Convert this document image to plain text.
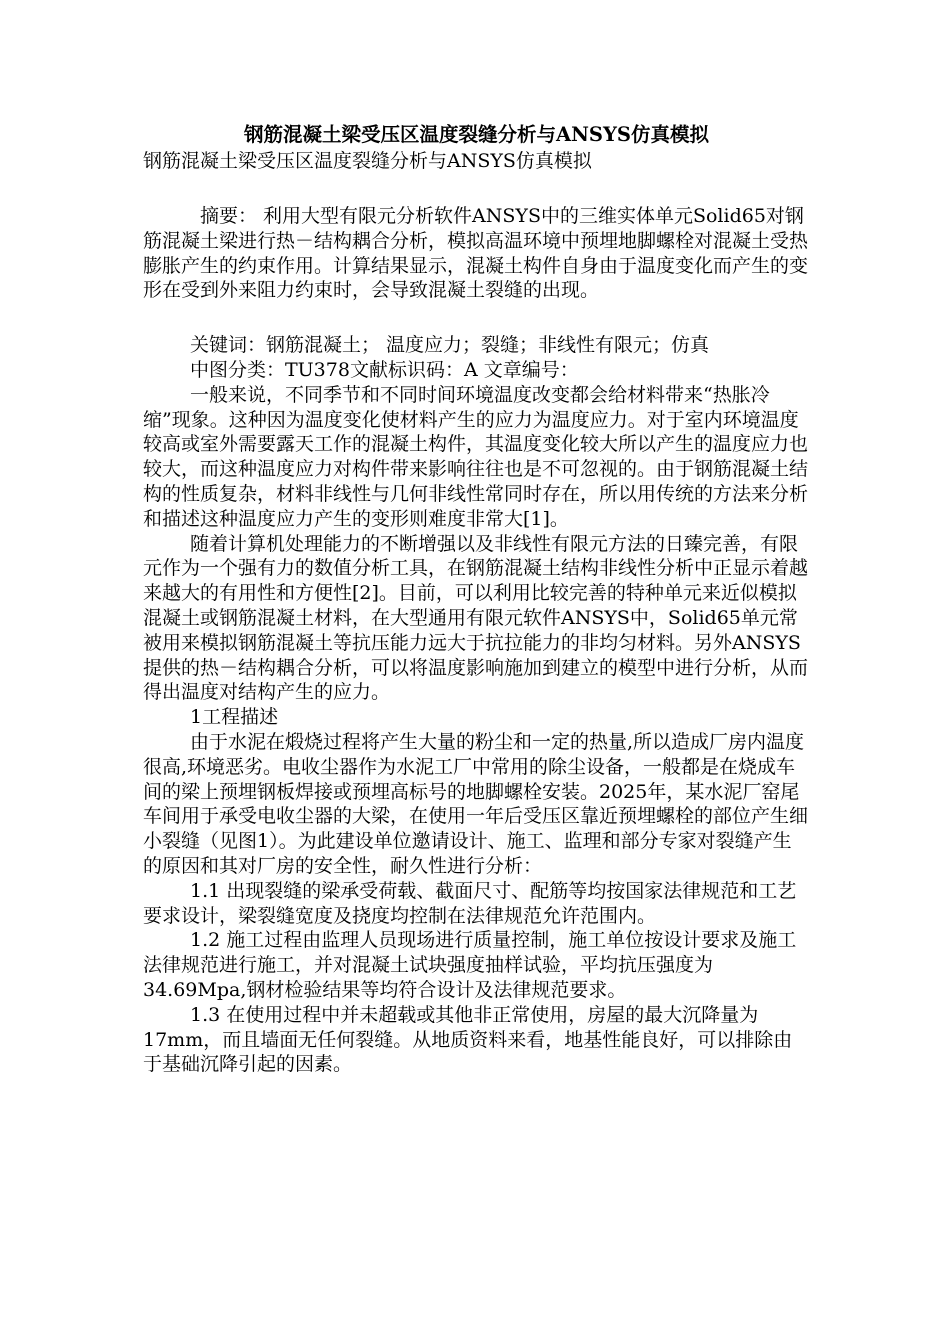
钢筋混凝土梁受压区温度裂缝分析与ANSYS仿真模拟
钢筋混凝土梁受压区温度裂缝分析与ANSYS仿真模拟
摘要： 利用大型有限元分析软件ANSYS中的三维实体单元Solid65对钢筋混凝土梁进行热－结构耦合分析，模拟高温环境中预埋地脚螺栓对混凝土受热膨胀产生的约束作用。计算结果显示，混凝土构件自身由于温度变化而产生的变形在受到外来阻力约束时，会导致混凝土裂缝的出现。
关键词：钢筋混凝土； 温度应力；裂缝；非线性有限元；仿真
中图分类：TU378文献标识码：A 文章编号：

一般来说，不同季节和不同时间环境温度改变都会给材料带来“热胀冷缩”现象。这种因为温度变化使材料产生的应力为温度应力。对于室内环境温度较高或室外需要露天工作的混凝土构件，其温度变化较大所以产生的温度应力也较大，而这种温度应力对构件带来影响往往也是不可忽视的。由于钢筋混凝土结构的性质复杂，材料非线性与几何非线性常同时存在，所以用传统的方法来分析和描述这种温度应力产生的变形则难度非常大[1]。

随着计算机处理能力的不断增强以及非线性有限元方法的日臻完善，有限元作为一个强有力的数值分析工具，在钢筋混凝土结构非线性分析中正显示着越来越大的有用性和方便性[2]。目前，可以利用比较完善的特种单元来近似模拟混凝土或钢筋混凝土材料，在大型通用有限元软件ANSYS中，Solid65单元常被用来模拟钢筋混凝土等抗压能力远大于抗拉能力的非均匀材料。另外ANSYS提供的热－结构耦合分析，可以将温度影响施加到建立的模型中进行分析，从而得出温度对结构产生的应力。

1工程描述

由于水泥在煅烧过程将产生大量的粉尘和一定的热量,所以造成厂房内温度很高,环境恶劣。电收尘器作为水泥工厂中常用的除尘设备，一般都是在烧成车间的梁上预埋钢板焊接或预埋高标号的地脚螺栓安装。2025年，某水泥厂窑尾车间用于承受电收尘器的大梁，在使用一年后受压区靠近预埋螺栓的部位产生细小裂缝（见图1）。为此建设单位邀请设计、施工、监理和部分专家对裂缝产生的原因和其对厂房的安全性，耐久性进行分析：

1.1 出现裂缝的梁承受荷载、截面尺寸、配筋等均按国家法律规范和工艺要求设计，梁裂缝宽度及挠度均控制在法律规范允许范围内。

1.2 施工过程由监理人员现场进行质量控制，施工单位按设计要求及施工法律规范进行施工，并对混凝土试块强度抽样试验，平均抗压强度为34.69Mpa,钢材检验结果等均符合设计及法律规范要求。

1.3 在使用过程中并未超载或其他非正常使用，房屋的最大沉降量为17mm，而且墙面无任何裂缝。从地质资料来看，地基性能良好，可以排除由于基础沉降引起的因素。
